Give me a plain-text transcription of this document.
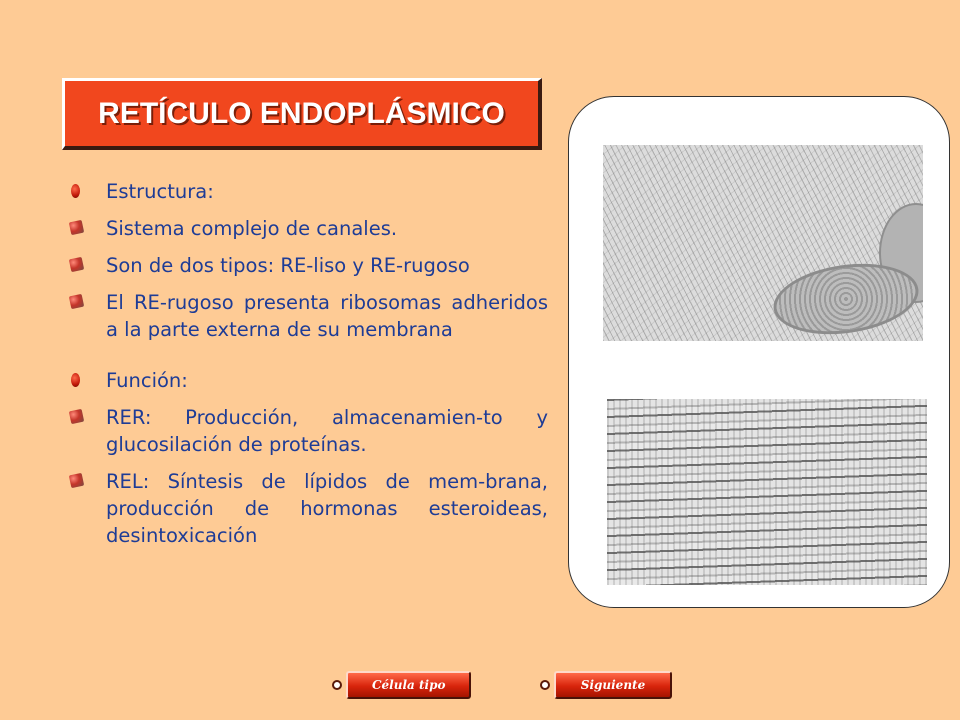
RETÍCULO ENDOPLÁSMICO
Estructura:
Sistema complejo de canales.
Son de dos tipos: RE-liso y RE-rugoso
El RE-rugoso presenta ribosomas adheridos a la parte externa de su membrana
Función:
RER: Producción, almacenamien-to y glucosilación de proteínas.
REL: Síntesis de lípidos de mem-brana, producción de hormonas esteroideas, desintoxicación
Célula tipo	Siguiente
